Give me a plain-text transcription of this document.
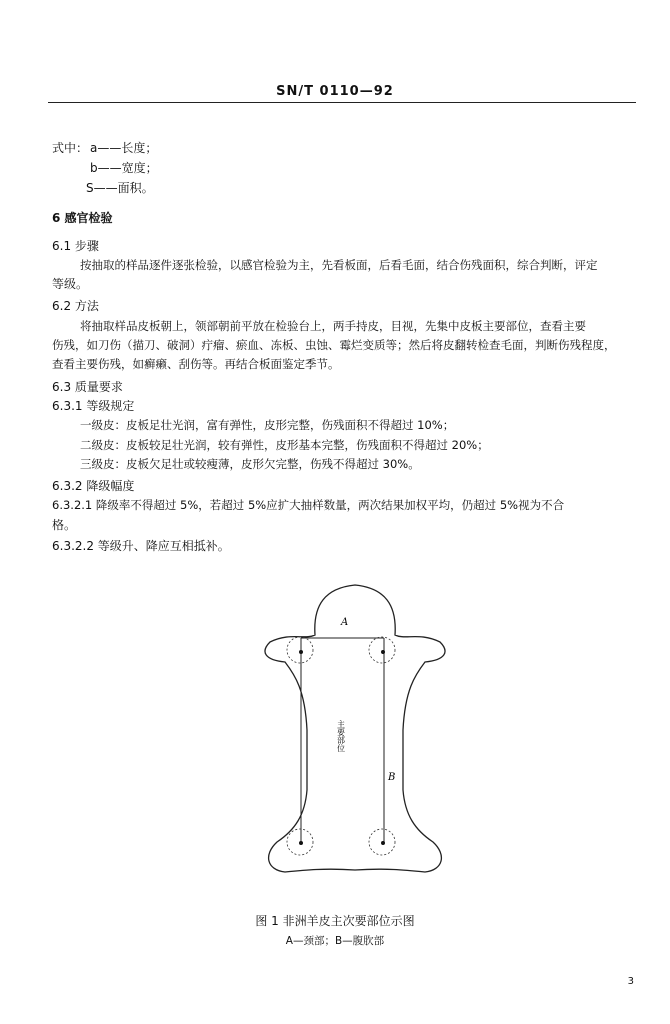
SN/T 0110—92
式中： a——长度；
b——宽度；
S——面积。
6 感官检验
6.1 步骤
按抽取的样品逐件逐张检验，以感官检验为主，先看板面，后看毛面，结合伤残面积，综合判断，评定
等级。
6.2 方法
将抽取样品皮板朝上，领部朝前平放在检验台上，两手持皮，目视，先集中皮板主要部位，查看主要
伤残，如刀伤（描刀、破洞）疔瘤、瘀血、冻板、虫蚀、霉烂变质等；然后将皮翻转检查毛面，判断伤残程度，
查看主要伤残，如癣癞、刮伤等。再结合板面鉴定季节。
6.3 质量要求
6.3.1 等级规定
一级皮：皮板足壮光润，富有弹性，皮形完整，伤残面积不得超过 10%；
二级皮：皮板较足壮光润，较有弹性，皮形基本完整，伤残面积不得超过 20%；
三级皮：皮板欠足壮或较瘦薄，皮形欠完整，伤残不得超过 30%。
6.3.2 降级幅度
6.3.2.1 降级率不得超过 5%，若超过 5%应扩大抽样数量，两次结果加权平均，仍超过 5%视为不合
格。
6.3.2.2 等级升、降应互相抵补。
A
B
主要部位
图 1 非洲羊皮主次要部位示图
A—颈部；B—腹肷部
3
